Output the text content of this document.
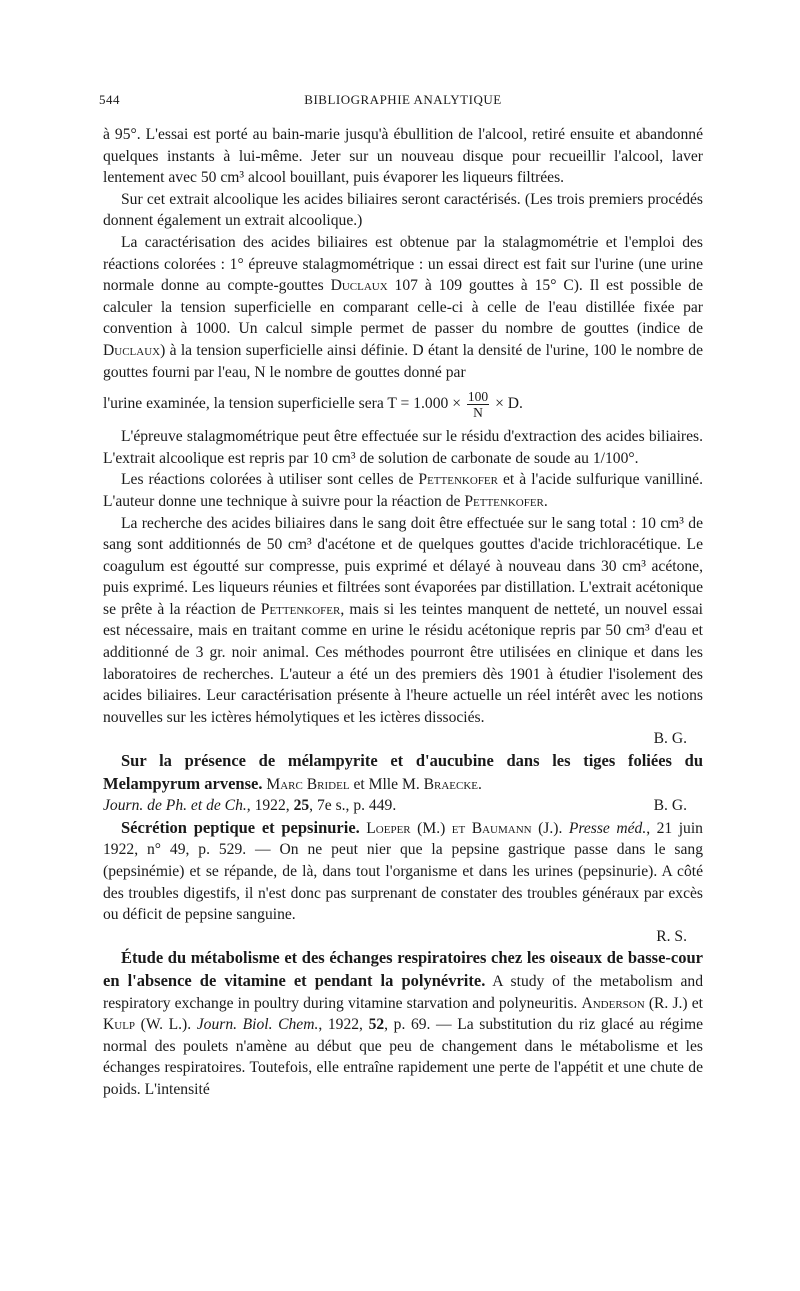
544	BIBLIOGRAPHIE ANALYTIQUE

à 95°. L'essai est porté au bain-marie jusqu'à ébullition de l'alcool, retiré ensuite et abandonné quelques instants à lui-même. Jeter sur un nouveau disque pour recueillir l'alcool, laver lentement avec 50 cm³ alcool bouillant, puis évaporer les liqueurs filtrées.

Sur cet extrait alcoolique les acides biliaires seront caractérisés. (Les trois premiers procédés donnent également un extrait alcoolique.)

La caractérisation des acides biliaires est obtenue par la stalagmométrie et l'emploi des réactions colorées : 1° épreuve stalagmométrique : un essai direct est fait sur l'urine (une urine normale donne au compte-gouttes Duclaux 107 à 109 gouttes à 15° C). Il est possible de calculer la tension superficielle en comparant celle-ci à celle de l'eau distillée fixée par convention à 1000. Un calcul simple permet de passer du nombre de gouttes (indice de Duclaux) à la tension superficielle ainsi définie. D étant la densité de l'urine, 100 le nombre de gouttes fourni par l'eau, N le nombre de gouttes donné par

l'urine examinée, la tension superficielle sera $T = 1.000 \times \frac{100}{N} \times D$.

L'épreuve stalagmométrique peut être effectuée sur le résidu d'extraction des acides biliaires. L'extrait alcoolique est repris par 10 cm³ de solution de carbonate de soude au 1/100°.

Les réactions colorées à utiliser sont celles de Pettenkofer et à l'acide sulfurique vanilliné. L'auteur donne une technique à suivre pour la réaction de Pettenkofer.

La recherche des acides biliaires dans le sang doit être effectuée sur le sang total : 10 cm³ de sang sont additionnés de 50 cm³ d'acétone et de quelques gouttes d'acide trichloracétique. Le coagulum est égoutté sur compresse, puis exprimé et délayé à nouveau dans 30 cm³ acétone, puis exprimé. Les liqueurs réunies et filtrées sont évaporées par distillation. L'extrait acétonique se prête à la réaction de Pettenkofer, mais si les teintes manquent de netteté, un nouvel essai est nécessaire, mais en traitant comme en urine le résidu acétonique repris par 50 cm³ d'eau et additionné de 3 gr. noir animal. Ces méthodes pourront être utilisées en clinique et dans les laboratoires de recherches. L'auteur a été un des premiers dès 1901 à étudier l'isolement des acides biliaires. Leur caractérisation présente à l'heure actuelle un réel intérêt avec les notions nouvelles sur les ictères hémolytiques et les ictères dissociés.

B. G.

Sur la présence de mélampyrite et d'aucubine dans les tiges foliées du Melampyrum arvense. Marc Bridel et Mlle M. Braecke.

Journ. de Ph. et de Ch., 1922, 25, 7e s., p. 449.	B. G.

Sécrétion peptique et pepsinurie. Loeper (M.) et Baumann (J.). Presse méd., 21 juin 1922, n° 49, p. 529. — On ne peut nier que la pepsine gastrique passe dans le sang (pepsinémie) et se répande, de là, dans tout l'organisme et dans les urines (pepsinurie). A côté des troubles digestifs, il n'est donc pas surprenant de constater des troubles généraux par excès ou déficit de pepsine sanguine.

R. S.

Étude du métabolisme et des échanges respiratoires chez les oiseaux de basse-cour en l'absence de vitamine et pendant la polynévrite. A study of the metabolism and respiratory exchange in poultry during vitamine starvation and polyneuritis. Anderson (R. J.) et Kulp (W. L.). Journ. Biol. Chem., 1922, 52, p. 69. — La substitution du riz glacé au régime normal des poulets n'amène au début que peu de changement dans le métabolisme et les échanges respiratoires. Toutefois, elle entraîne rapidement une perte de l'appétit et une chute de poids. L'intensité
